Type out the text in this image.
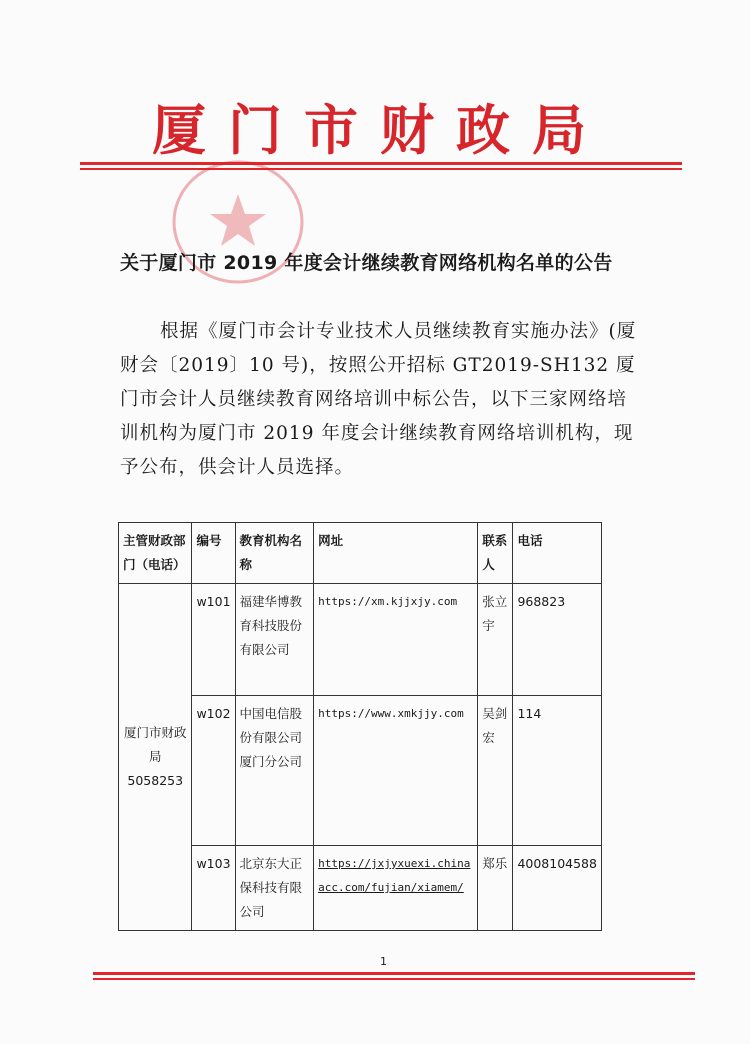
厦门市财政局
关于厦门市 2019 年度会计继续教育网络机构名单的公告
根据《厦门市会计专业技术人员继续教育实施办法》(厦财会〔2019〕10 号)，按照公开招标 GT2019-SH132 厦门市会计人员继续教育网络培训中标公告，以下三家网络培训机构为厦门市 2019 年度会计继续教育网络培训机构，现予公布，供会计人员选择。
主管财政部门（电话）	编号	教育机构名称	网址	联系人	电话
厦门市财政局5058253	w101	福建华博教育科技股份有限公司	https://xm.kjjxjy.com	张立宇	968823
	w102	中国电信股份有限公司厦门分公司	https://www.xmkjjy.com	吴剑宏	114
	w103	北京东大正保科技有限公司	https://jxjyxuexi.chinaacc.com/fujian/xiamem/	郑乐	4008104588
1
